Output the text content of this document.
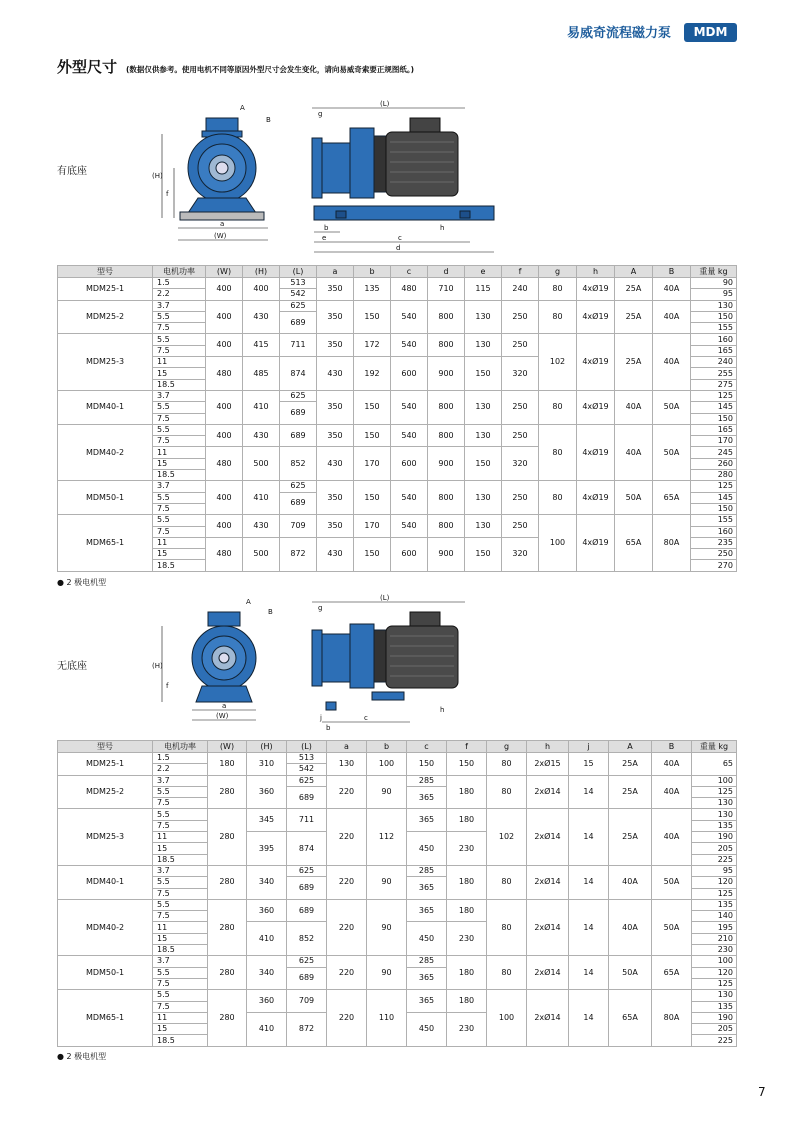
易威奇流程磁力泵	MDM
外型尺寸 (数据仅供参考。使用电机不同等原因外型尺寸会发生变化，请向易威奇索要正规图纸。)
有底座
a
(W)
(H)
f
A
B
(L)
g
b
e	c
h
d
型号	电机功率	(W)	(H)	(L)	a	b	c	d	e	f	g	h	A	B	重量 kg
MDM25-1	1.5	400	400	513	350	135	480	710	115	240	80	4xØ19	25A	40A	90
	2.2			542											95
MDM25-2	3.7	400	430	625	350	150	540	800	130	250	80	4xØ19	25A	40A	130
	5.5			689											150
	7.5														155
MDM25-3	5.5	400	415	711	350	172	540	800	130	250	102	4xØ19	25A	40A	160
	7.5														165
	11	480	485	874	430	192	600	900	150	320					240
	15														255
	18.5														275
MDM40-1	3.7	400	410	625	350	150	540	800	130	250	80	4xØ19	40A	50A	125
	5.5			689											145
	7.5														150
MDM40-2	5.5	400	430	689	350	150	540	800	130	250	80	4xØ19	40A	50A	165
	7.5														170
	11	480	500	852	430	170	600	900	150	320					245
	15														260
	18.5														280
MDM50-1	3.7	400	410	625	350	150	540	800	130	250	80	4xØ19	50A	65A	125
	5.5			689											145
	7.5														150
MDM65-1	5.5	400	430	709	350	170	540	800	130	250	100	4xØ19	65A	80A	155
	7.5														160
	11	480	500	872	430	150	600	900	150	320					235
	15														250
	18.5														270
● 2 极电机型
无底座
a
(W)
(H)
f
A
B
(L)
g
j
b
c
h
型号	电机功率	(W)	(H)	(L)	a	b	c	f	g	h	j	A	B	重量 kg
MDM25-1	1.5	180	310	513	130	100	150	150	80	2xØ15	15	25A	40A	65
	2.2			542										
MDM25-2	3.7	280	360	625	220	90	285	180	80	2xØ14	14	25A	40A	100
	5.5			689			365							125
	7.5													130
MDM25-3	5.5	280	345	711	220	112	365	180	102	2xØ14	14	25A	40A	130
	7.5													135
	11		395	874			450	230						190
	15													205
	18.5													225
MDM40-1	3.7	280	340	625	220	90	285	180	80	2xØ14	14	40A	50A	95
	5.5			689			365							120
	7.5													125
MDM40-2	5.5	280	360	689	220	90	365	180	80	2xØ14	14	40A	50A	135
	7.5													140
	11		410	852			450	230						195
	15													210
	18.5													230
MDM50-1	3.7	280	340	625	220	90	285	180	80	2xØ14	14	50A	65A	100
	5.5			689			365							120
	7.5													125
MDM65-1	5.5	280	360	709	220	110	365	180	100	2xØ14	14	65A	80A	130
	7.5													135
	11		410	872			450	230						190
	15													205
	18.5													225
● 2 极电机型
7
